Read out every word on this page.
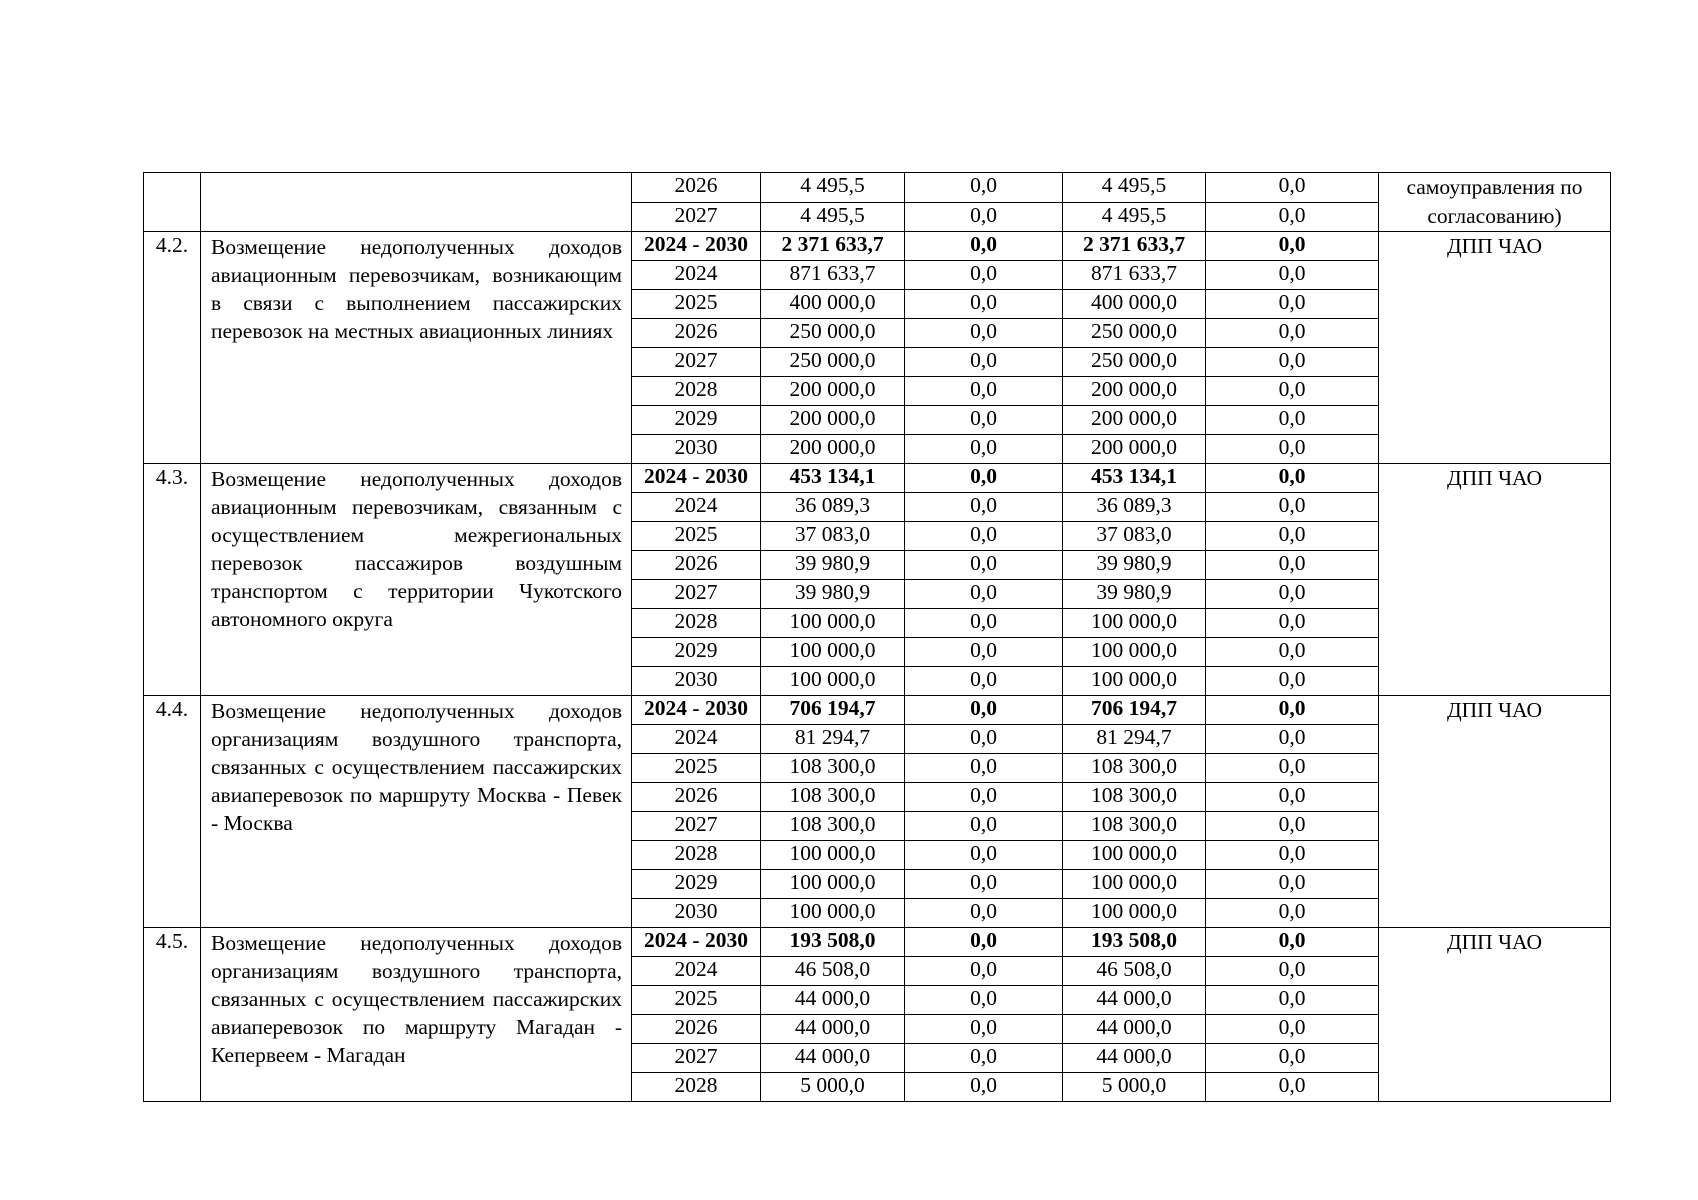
		2026	4 495,5	0,0	4 495,5	0,0	самоуправления по согласованию)
		2027	4 495,5	0,0	4 495,5	0,0	
4.2.	Возмещение недополученных доходов авиационным перевозчикам, возникающим в связи с выполнением пассажирских перевозок на местных авиационных линиях	2024 - 2030	2 371 633,7	0,0	2 371 633,7	0,0	ДПП ЧАО
		2024	871 633,7	0,0	871 633,7	0,0	
		2025	400 000,0	0,0	400 000,0	0,0	
		2026	250 000,0	0,0	250 000,0	0,0	
		2027	250 000,0	0,0	250 000,0	0,0	
		2028	200 000,0	0,0	200 000,0	0,0	
		2029	200 000,0	0,0	200 000,0	0,0	
		2030	200 000,0	0,0	200 000,0	0,0	
4.3.	Возмещение недополученных доходов авиационным перевозчикам, связанным с осуществлением межрегиональных перевозок пассажиров воздушным транспортом с территории Чукотского автономного округа	2024 - 2030	453 134,1	0,0	453 134,1	0,0	ДПП ЧАО
		2024	36 089,3	0,0	36 089,3	0,0	
		2025	37 083,0	0,0	37 083,0	0,0	
		2026	39 980,9	0,0	39 980,9	0,0	
		2027	39 980,9	0,0	39 980,9	0,0	
		2028	100 000,0	0,0	100 000,0	0,0	
		2029	100 000,0	0,0	100 000,0	0,0	
		2030	100 000,0	0,0	100 000,0	0,0	
4.4.	Возмещение недополученных доходов организациям воздушного транспорта, связанных с осуществлением пассажирских авиаперевозок по маршруту Москва - Певек - Москва	2024 - 2030	706 194,7	0,0	706 194,7	0,0	ДПП ЧАО
		2024	81 294,7	0,0	81 294,7	0,0	
		2025	108 300,0	0,0	108 300,0	0,0	
		2026	108 300,0	0,0	108 300,0	0,0	
		2027	108 300,0	0,0	108 300,0	0,0	
		2028	100 000,0	0,0	100 000,0	0,0	
		2029	100 000,0	0,0	100 000,0	0,0	
		2030	100 000,0	0,0	100 000,0	0,0	
4.5.	Возмещение недополученных доходов организациям воздушного транспорта, связанных с осуществлением пассажирских авиаперевозок по маршруту Магадан - Кепервеем - Магадан	2024 - 2030	193 508,0	0,0	193 508,0	0,0	ДПП ЧАО
		2024	46 508,0	0,0	46 508,0	0,0	
		2025	44 000,0	0,0	44 000,0	0,0	
		2026	44 000,0	0,0	44 000,0	0,0	
		2027	44 000,0	0,0	44 000,0	0,0	
		2028	5 000,0	0,0	5 000,0	0,0	
